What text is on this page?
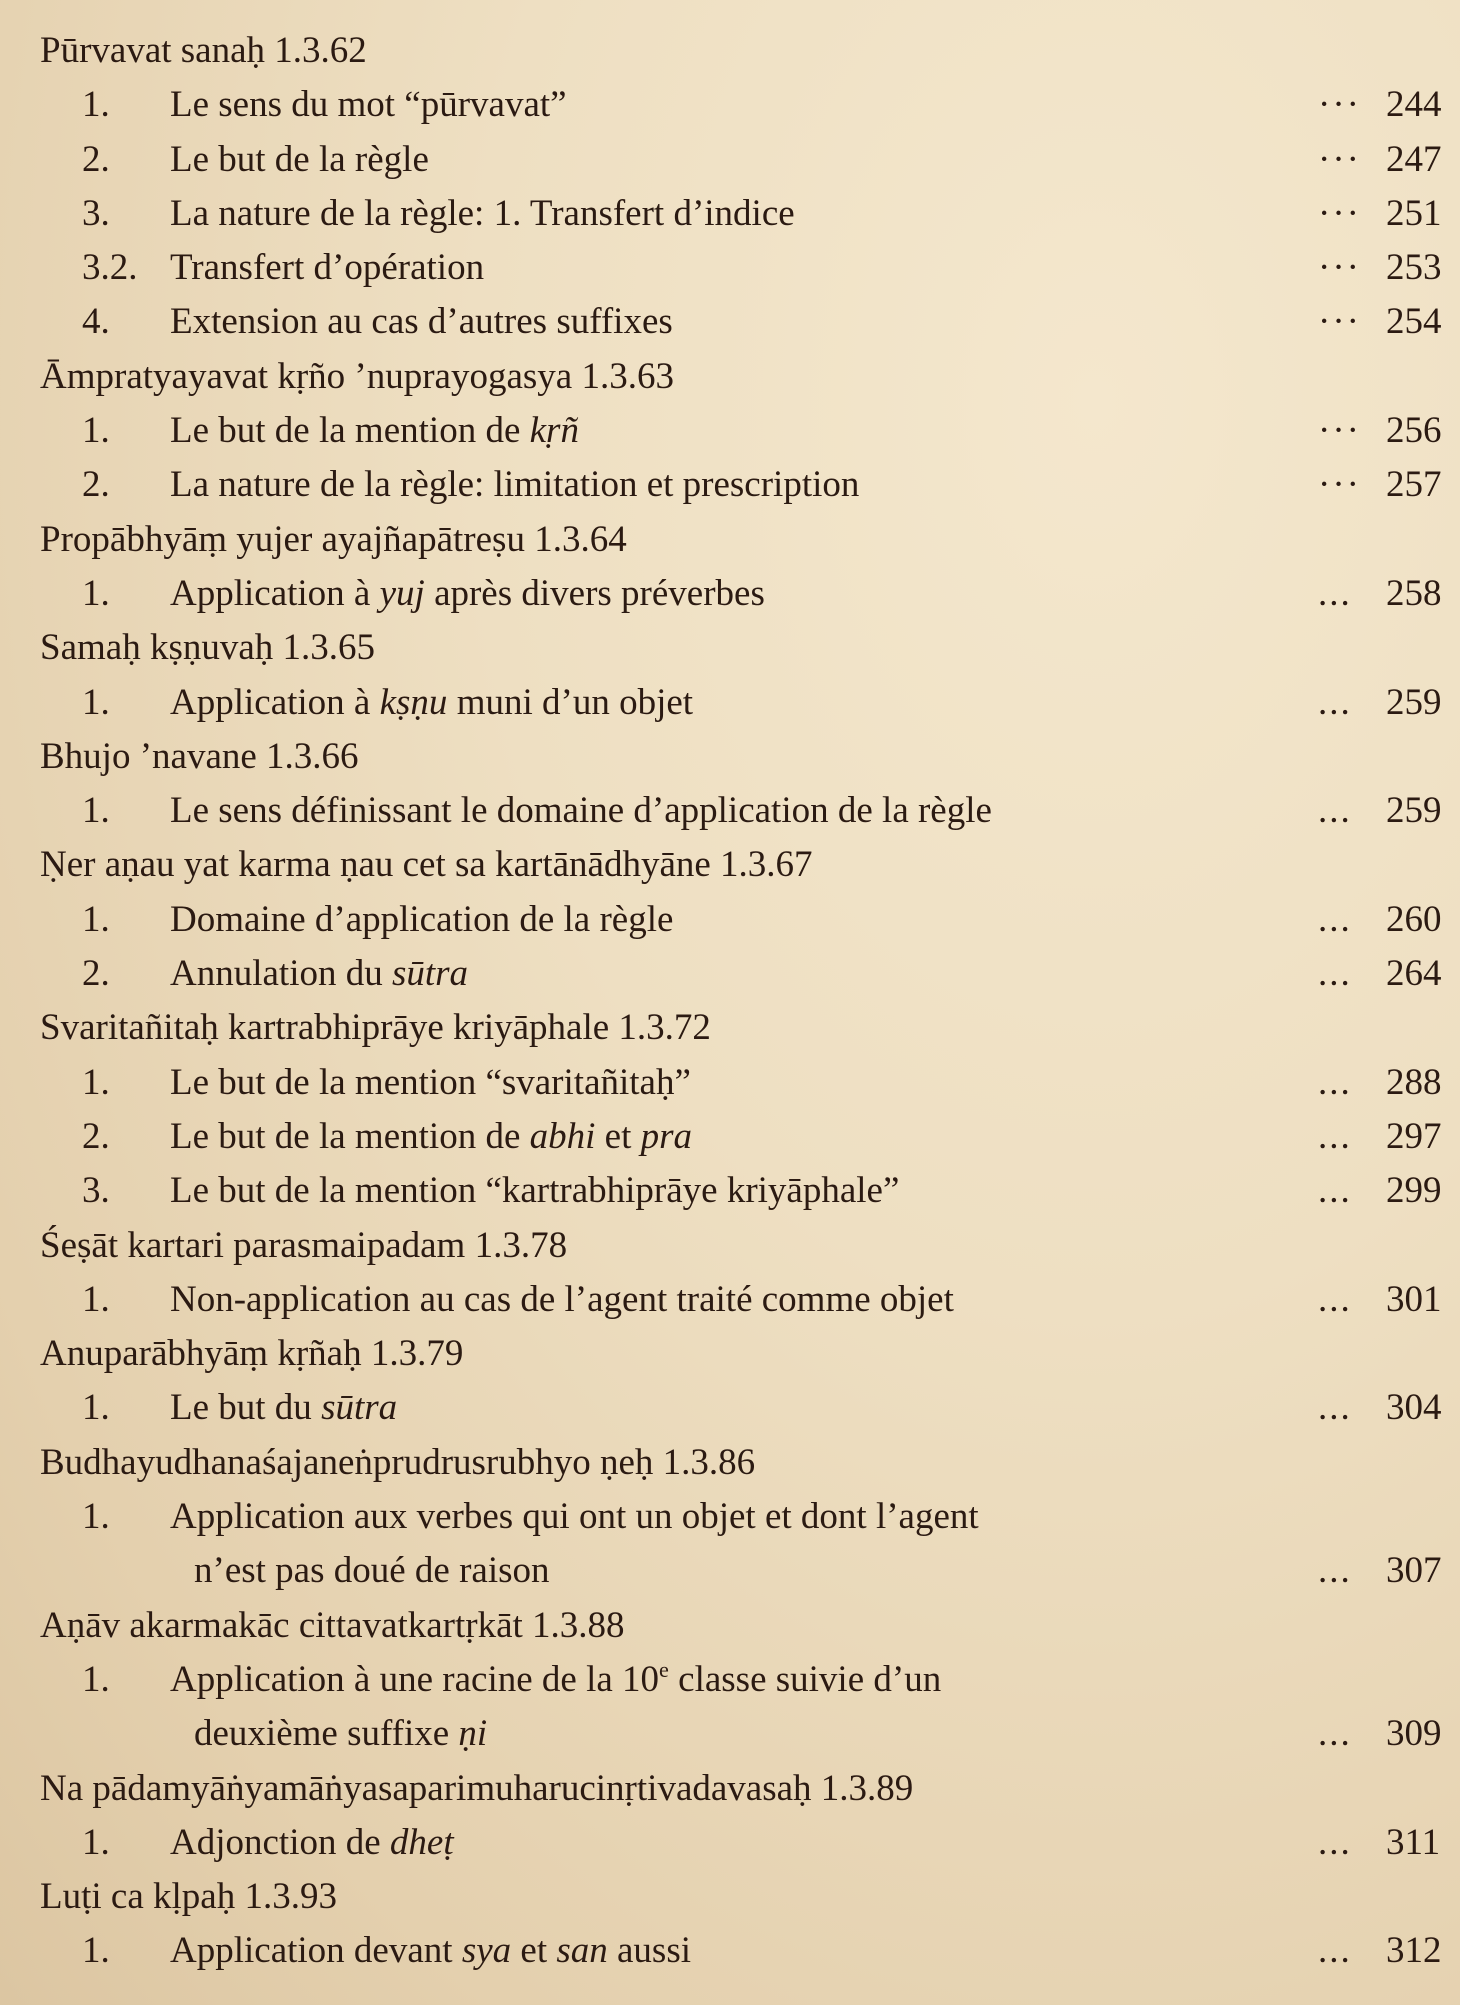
Pūrvavat sanaḥ 1.3.62
1. Le sens du mot “pūrvavat”	··· 244
2. Le but de la règle	··· 247
3. La nature de la règle: 1. Transfert d’indice	··· 251
3.2. Transfert d’opération	··· 253
4. Extension au cas d’autres suffixes	··· 254
Āmpratyayavat kṛño ’nuprayogasya 1.3.63
1. Le but de la mention de kṛñ	··· 256
2. La nature de la règle: limitation et prescription	··· 257
Propābhyāṃ yujer ayajñapātreṣu 1.3.64
1. Application à yuj après divers préverbes	... 258
Samaḥ kṣṇuvaḥ 1.3.65
1. Application à kṣṇu muni d’un objet	... 259
Bhujo ’navane 1.3.66
1. Le sens définissant le domaine d’application de la règle	... 259
Ṇer aṇau yat karma ṇau cet sa kartānādhyāne 1.3.67
1. Domaine d’application de la règle	... 260
2. Annulation du sūtra	... 264
Svaritañitaḥ kartrabhiprāye kriyāphale 1.3.72
1. Le but de la mention “svaritañitaḥ”	... 288
2. Le but de la mention de abhi et pra	... 297
3. Le but de la mention “kartrabhiprāye kriyāphale”	... 299
Śeṣāt kartari parasmaipadam 1.3.78
1. Non-application au cas de l’agent traité comme objet	... 301
Anuparābhyāṃ kṛñaḥ 1.3.79
1. Le but du sūtra	... 304
Budhayudhanaśajaneṅprudrusrubhyo ṇeḥ 1.3.86
1. Application aux verbes qui ont un objet et dont l’agent
n’est pas doué de raison	... 307
Aṇāv akarmakāc cittavatkartṛkāt 1.3.88
1. Application à une racine de la 10e classe suivie d’un
deuxième suffixe ṇi	... 309
Na pādamyāṅyamāṅyasaparimuharucinṛtivadavasaḥ 1.3.89
1. Adjonction de dheṭ	... 311
Luṭi ca kḷpaḥ 1.3.93
1. Application devant sya et san aussi	... 312
